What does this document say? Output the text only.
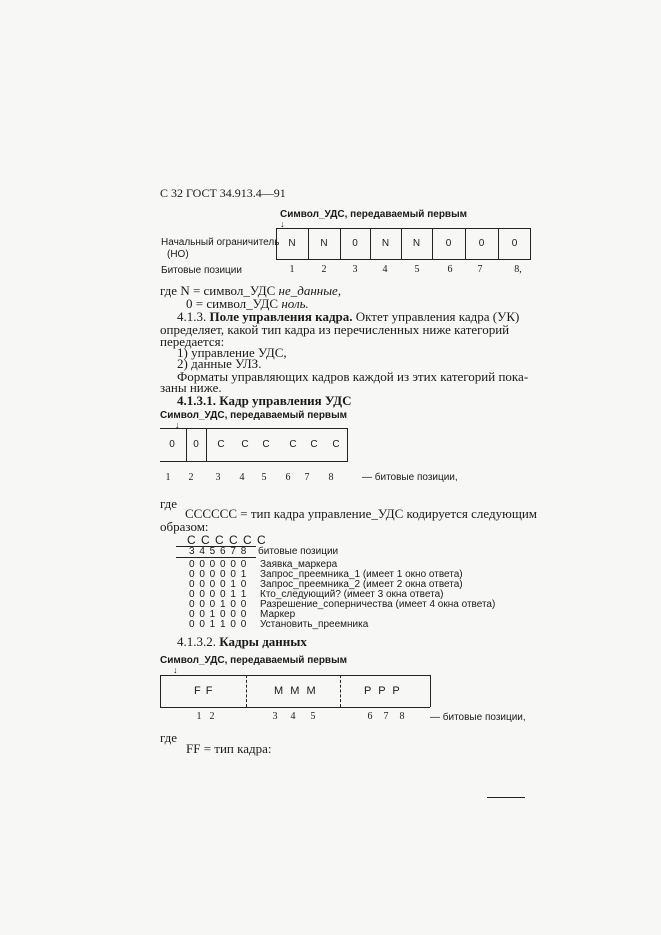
С 32 ГОСТ 34.913.4—91
Символ_УДС, передаваемый первым
↓
Начальный ограничитель
(НО)
N	N	0	N	N	0	0	0
Битовые позиции	1	2	3	4	5	6	7	8,
где N = символ_УДС не_данные,
0 = символ_УДС ноль.
4.1.3. Поле управления кадра. Октет управления кадра (УК)
определяет, какой тип кадра из перечисленных ниже категорий
передается:
1) управление УДС,
2) данные УЛЗ.
Форматы управляющих кадров каждой из этих категорий пока-
заны ниже.
4.1.3.1. Кадр управления УДС
Символ_УДС, передаваемый первым
↓
0	0	C	C	C	C	C	C
1	2	3	4	5	6	7	8	— битовые позиции,
где
СССССС = тип кадра управление_УДС кодируется следующим
образом:
С С С С С С
3 4 5 6 7 8 битовые позиции
0 0 0 0 0 0 Заявка_маркера
0 0 0 0 0 1 Запрос_преемника_1 (имеет 1 окно ответа)
0 0 0 0 1 0 Запрос_преемника_2 (имеет 2 окна ответа)
0 0 0 0 1 1 Кто_следующий? (имеет 3 окна ответа)
0 0 0 1 0 0 Разрешение_соперничества (имеет 4 окна ответа)
0 0 1 0 0 0 Маркер
0 0 1 1 0 0 Установить_преемника
4.1.3.2. Кадры данных
Символ_УДС, передаваемый первым
↓
F F	M M M	P P P
1 2	3	4	5	6	7	8	— битовые позиции,
где
FF = тип кадра:
